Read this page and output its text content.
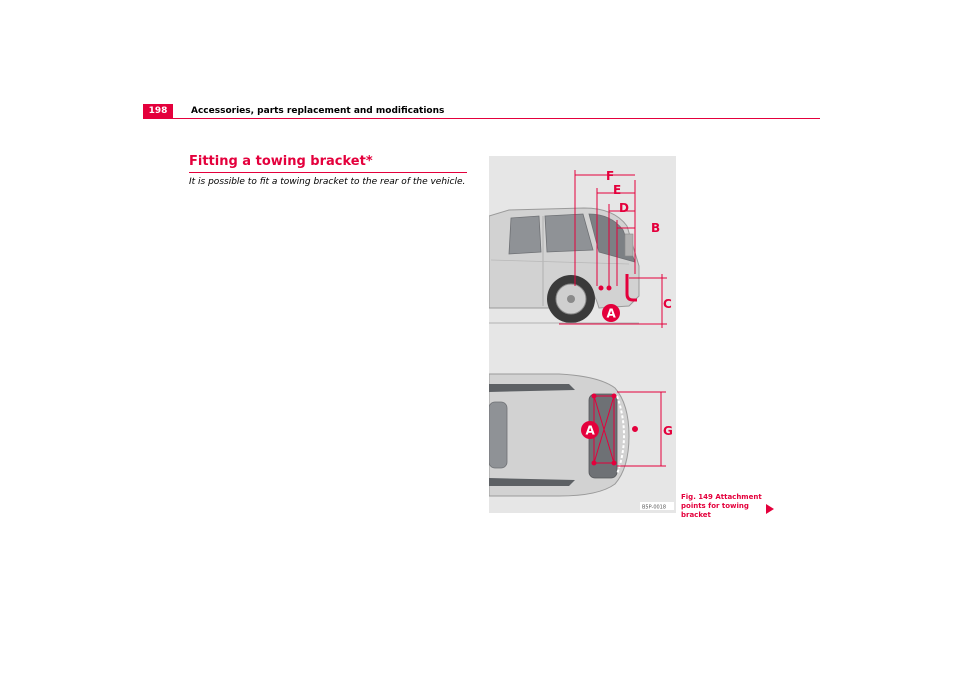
198	Accessories, parts replacement and modifications
Fitting a towing bracket*
It is possible to fit a towing bracket to the rear of the vehicle.	F
E
D
B
C
A
G
A
B5P-0018
Fig. 149 Attachment
points for towing bracket
